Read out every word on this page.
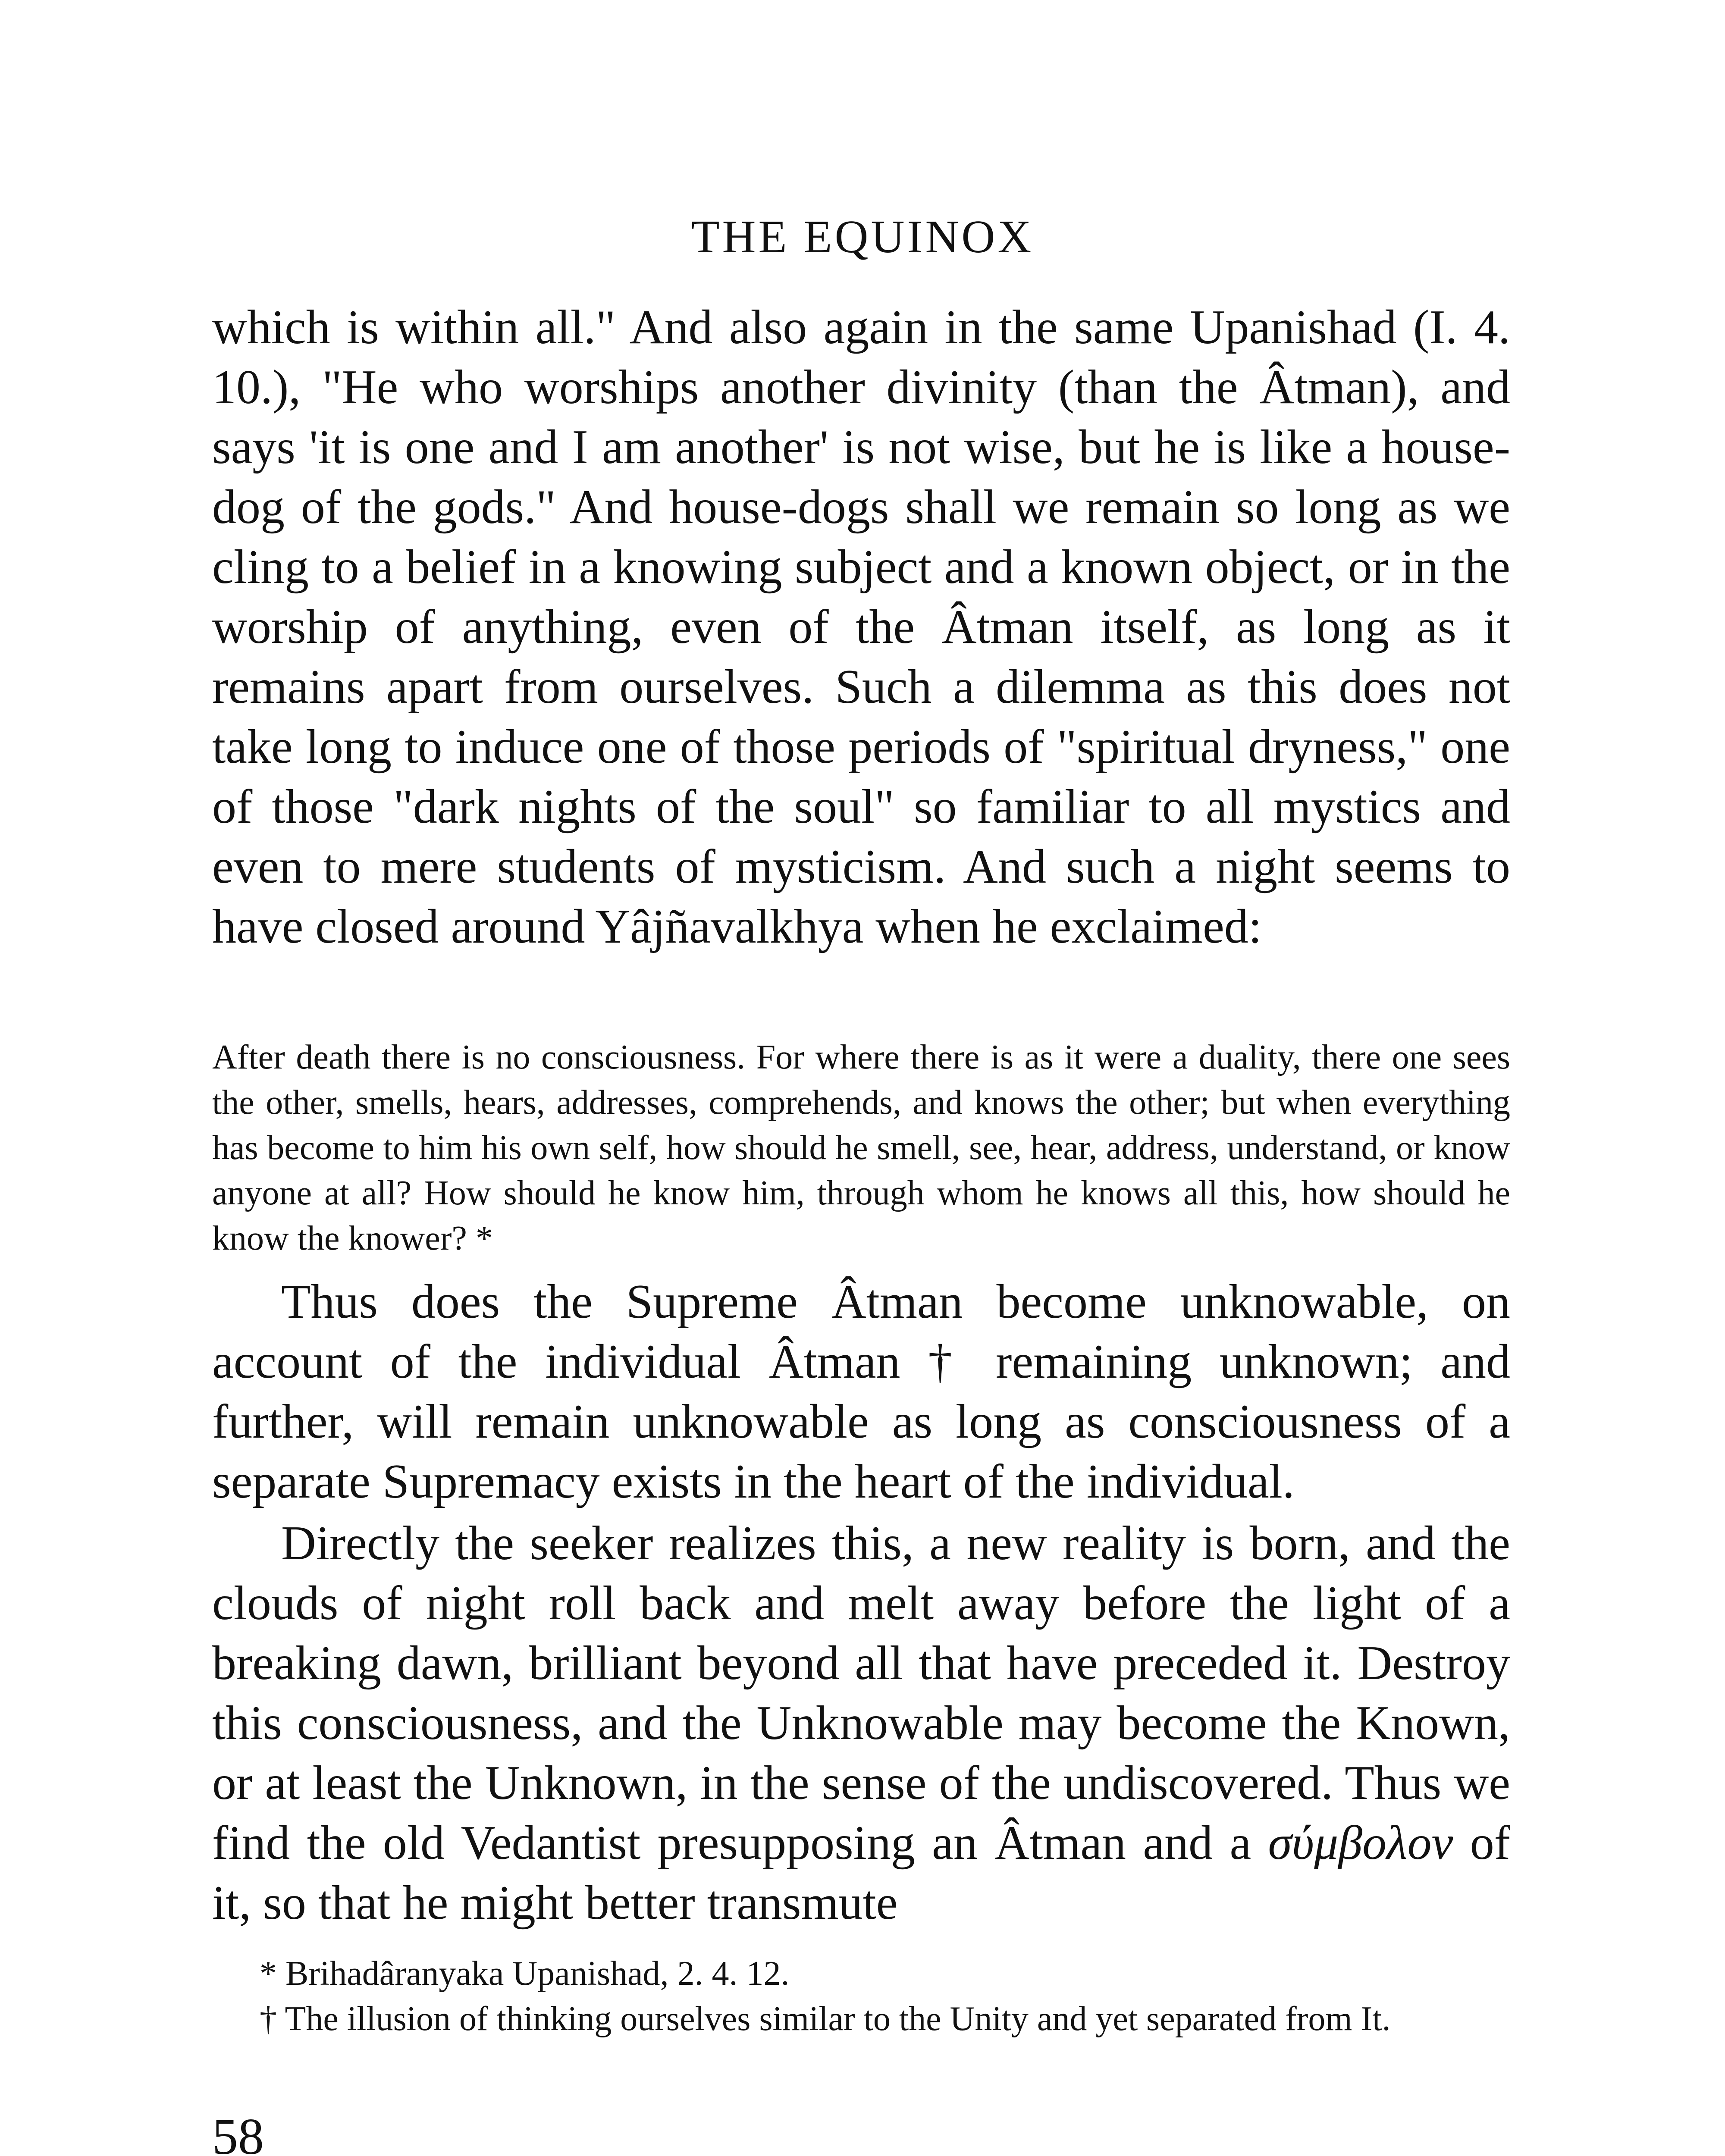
THE EQUINOX

which is within all." And also again in the same Upanishad (I. 4. 10.), "He who worships another divinity (than the Âtman), and says 'it is one and I am another' is not wise, but he is like a house-dog of the gods." And house-dogs shall we remain so long as we cling to a belief in a knowing subject and a known object, or in the worship of anything, even of the Âtman itself, as long as it remains apart from ourselves. Such a dilemma as this does not take long to induce one of those periods of "spiritual dryness," one of those "dark nights of the soul" so familiar to all mystics and even to mere students of mysticism. And such a night seems to have closed around Yâjñavalkhya when he exclaimed:

After death there is no consciousness. For where there is as it were a duality, there one sees the other, smells, hears, addresses, comprehends, and knows the other; but when everything has become to him his own self, how should he smell, see, hear, address, understand, or know anyone at all? How should he know him, through whom he knows all this, how should he know the knower? *

Thus does the Supreme Âtman become unknowable, on account of the individual Âtman † remaining unknown; and further, will remain unknowable as long as consciousness of a separate Supremacy exists in the heart of the individual.

Directly the seeker realizes this, a new reality is born, and the clouds of night roll back and melt away before the light of a breaking dawn, brilliant beyond all that have preceded it. Destroy this consciousness, and the Unknowable may become the Known, or at least the Unknown, in the sense of the undiscovered. Thus we find the old Vedantist presupposing an Âtman and a σύμβολον of it, so that he might better transmute

* Brihadâranyaka Upanishad, 2. 4. 12.

† The illusion of thinking ourselves similar to the Unity and yet separated from It.

58
